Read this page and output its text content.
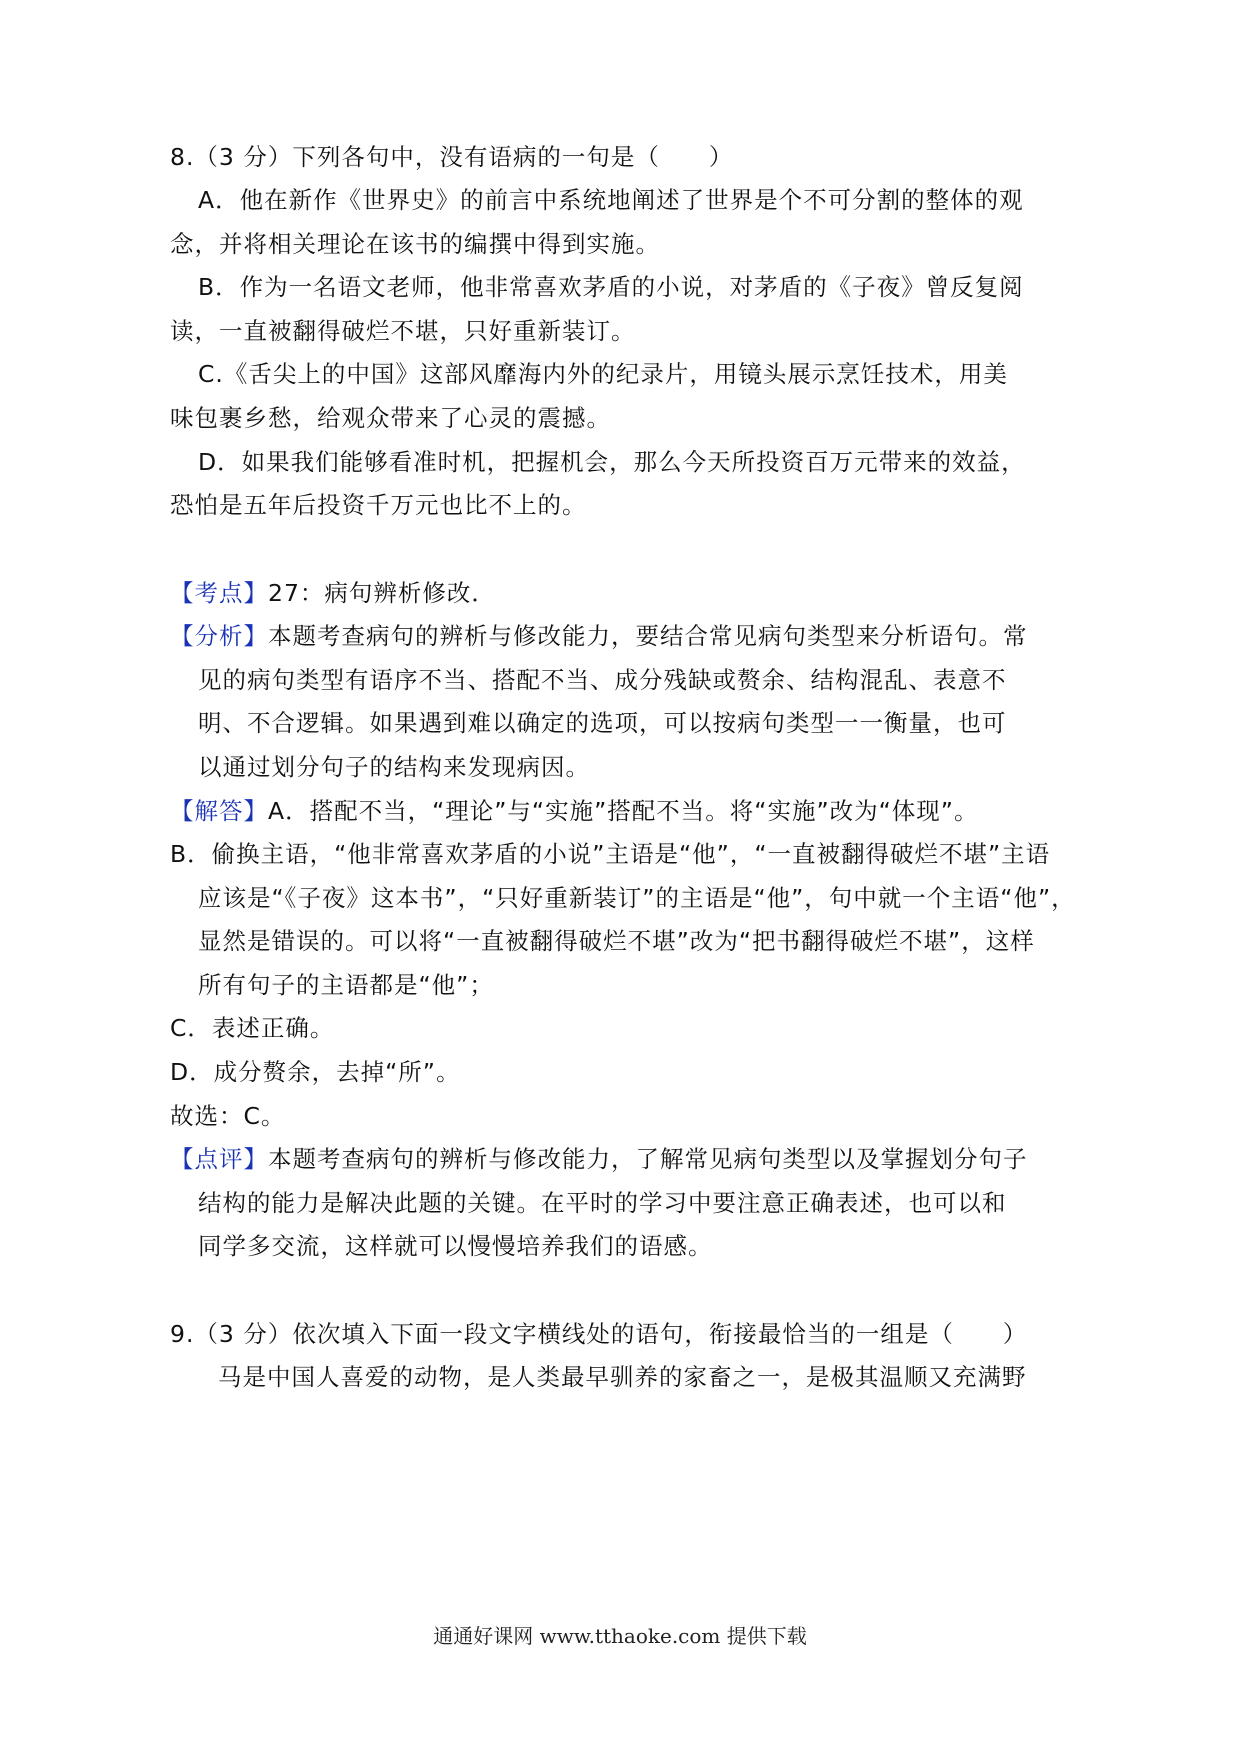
8.（3 分）下列各句中，没有语病的一句是（　　）
A．他在新作《世界史》的前言中系统地阐述了世界是个不可分割的整体的观
念，并将相关理论在该书的编撰中得到实施。
B．作为一名语文老师，他非常喜欢茅盾的小说，对茅盾的《子夜》曾反复阅
读，一直被翻得破烂不堪，只好重新装订。
C.《舌尖上的中国》这部风靡海内外的纪录片，用镜头展示烹饪技术，用美
味包裹乡愁，给观众带来了心灵的震撼。
D．如果我们能够看准时机，把握机会，那么今天所投资百万元带来的效益，
恐怕是五年后投资千万元也比不上的。
【考点】27：病句辨析修改．
【分析】本题考查病句的辨析与修改能力，要结合常见病句类型来分析语句。常
见的病句类型有语序不当、搭配不当、成分残缺或赘余、结构混乱、表意不
明、不合逻辑。如果遇到难以确定的选项，可以按病句类型一一衡量，也可
以通过划分句子的结构来发现病因。
【解答】A．搭配不当，“理论”与“实施”搭配不当。将“实施”改为“体现”。
B．偷换主语，“他非常喜欢茅盾的小说”主语是“他”，“一直被翻得破烂不堪”主语
应该是“《子夜》这本书”，“只好重新装订”的主语是“他”，句中就一个主语“他”，
显然是错误的。可以将“一直被翻得破烂不堪”改为“把书翻得破烂不堪”，这样
所有句子的主语都是“他”；
C．表述正确。
D．成分赘余，去掉“所”。
故选：C。
【点评】本题考查病句的辨析与修改能力，了解常见病句类型以及掌握划分句子
结构的能力是解决此题的关键。在平时的学习中要注意正确表述，也可以和
同学多交流，这样就可以慢慢培养我们的语感。
9.（3 分）依次填入下面一段文字横线处的语句，衔接最恰当的一组是（　　）
马是中国人喜爱的动物，是人类最早驯养的家畜之一，是极其温顺又充满野
通通好课网 www.tthaoke.com 提供下载
